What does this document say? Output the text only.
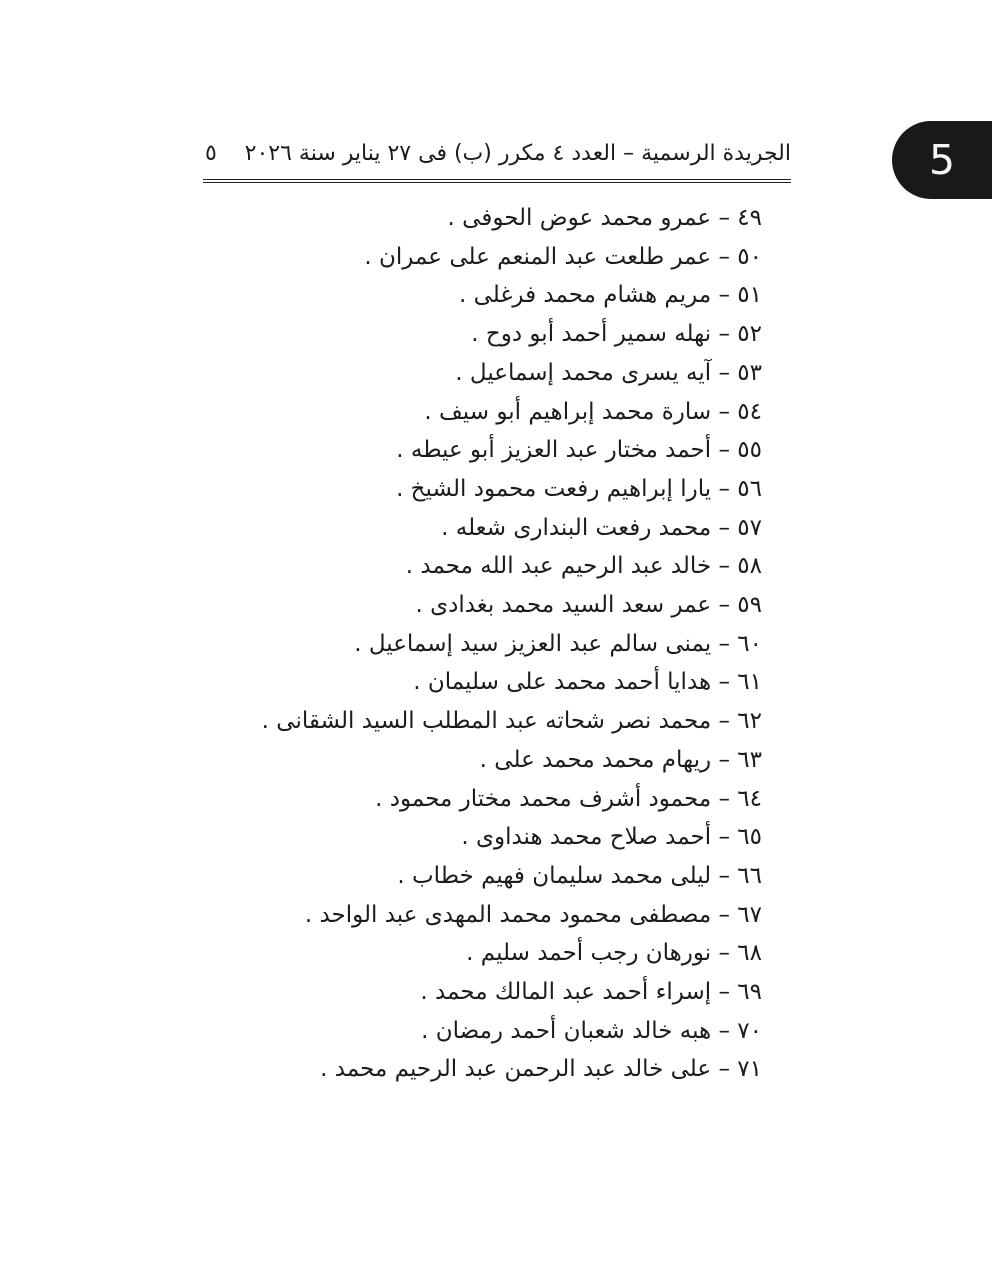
5
الجريدة الرسمية – العدد ٤ مكرر (ب) فى ٢٧ يناير سنة ٢٠٢٦
٥
٤٩ – عمرو محمد عوض الحوفى .
٥٠ – عمر طلعت عبد المنعم على عمران .
٥١ – مريم هشام محمد فرغلى .
٥٢ – نهله سمير أحمد أبو دوح .
٥٣ – آيه يسرى محمد إسماعيل .
٥٤ – سارة محمد إبراهيم أبو سيف .
٥٥ – أحمد مختار عبد العزيز أبو عيطه .
٥٦ – يارا إبراهيم رفعت محمود الشيخ .
٥٧ – محمد رفعت البندارى شعله .
٥٨ – خالد عبد الرحيم عبد الله محمد .
٥٩ – عمر سعد السيد محمد بغدادى .
٦٠ – يمنى سالم عبد العزيز سيد إسماعيل .
٦١ – هدايا أحمد محمد على سليمان .
٦٢ – محمد نصر شحاته عبد المطلب السيد الشقانى .
٦٣ – ريهام محمد محمد على .
٦٤ – محمود أشرف محمد مختار محمود .
٦٥ – أحمد صلاح محمد هنداوى .
٦٦ – ليلى محمد سليمان فهيم خطاب .
٦٧ – مصطفى محمود محمد المهدى عبد الواحد .
٦٨ – نورهان رجب أحمد سليم .
٦٩ – إسراء أحمد عبد المالك محمد .
٧٠ – هبه خالد شعبان أحمد رمضان .
٧١ – على خالد عبد الرحمن عبد الرحيم محمد .
